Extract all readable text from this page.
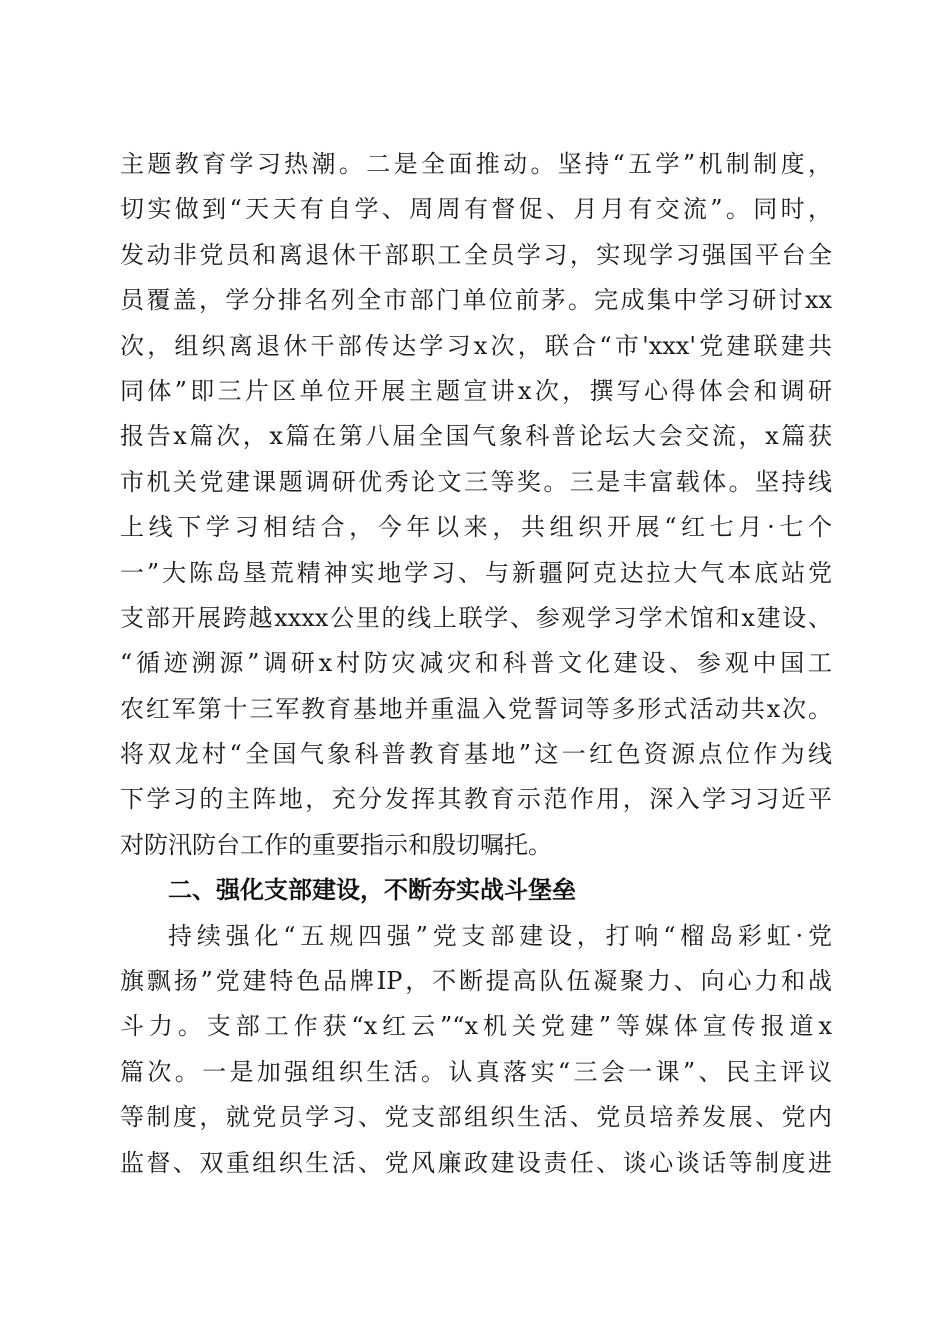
主题教育学习热潮。二是全面推动。坚持“五学”机制制度，
切实做到“天天有自学、周周有督促、月月有交流”。同时，
发动非党员和离退休干部职工全员学习，实现学习强国平台全
员覆盖，学分排名列全市部门单位前茅。完成集中学习研讨xx
次，组织离退休干部传达学习x次，联合“市'xxx'党建联建共
同体”即三片区单位开展主题宣讲x次，撰写心得体会和调研
报告x篇次，x篇在第八届全国气象科普论坛大会交流，x篇获
市机关党建课题调研优秀论文三等奖。三是丰富载体。坚持线
上线下学习相结合，今年以来，共组织开展“红七月·七个
一”大陈岛垦荒精神实地学习、与新疆阿克达拉大气本底站党
支部开展跨越xxxx公里的线上联学、参观学习学术馆和x建设、
“循迹溯源”调研x村防灾减灾和科普文化建设、参观中国工
农红军第十三军教育基地并重温入党誓词等多形式活动共x次。
将双龙村“全国气象科普教育基地”这一红色资源点位作为线
下学习的主阵地，充分发挥其教育示范作用，深入学习习近平
对防汛防台工作的重要指示和殷切嘱托。
二、强化支部建设，不断夯实战斗堡垒
持续强化“五规四强”党支部建设，打响“榴岛彩虹·党
旗飘扬”党建特色品牌IP，不断提高队伍凝聚力、向心力和战
斗力。支部工作获“x红云”“x机关党建”等媒体宣传报道x
篇次。一是加强组织生活。认真落实“三会一课”、民主评议
等制度，就党员学习、党支部组织生活、党员培养发展、党内
监督、双重组织生活、党风廉政建设责任、谈心谈话等制度进
